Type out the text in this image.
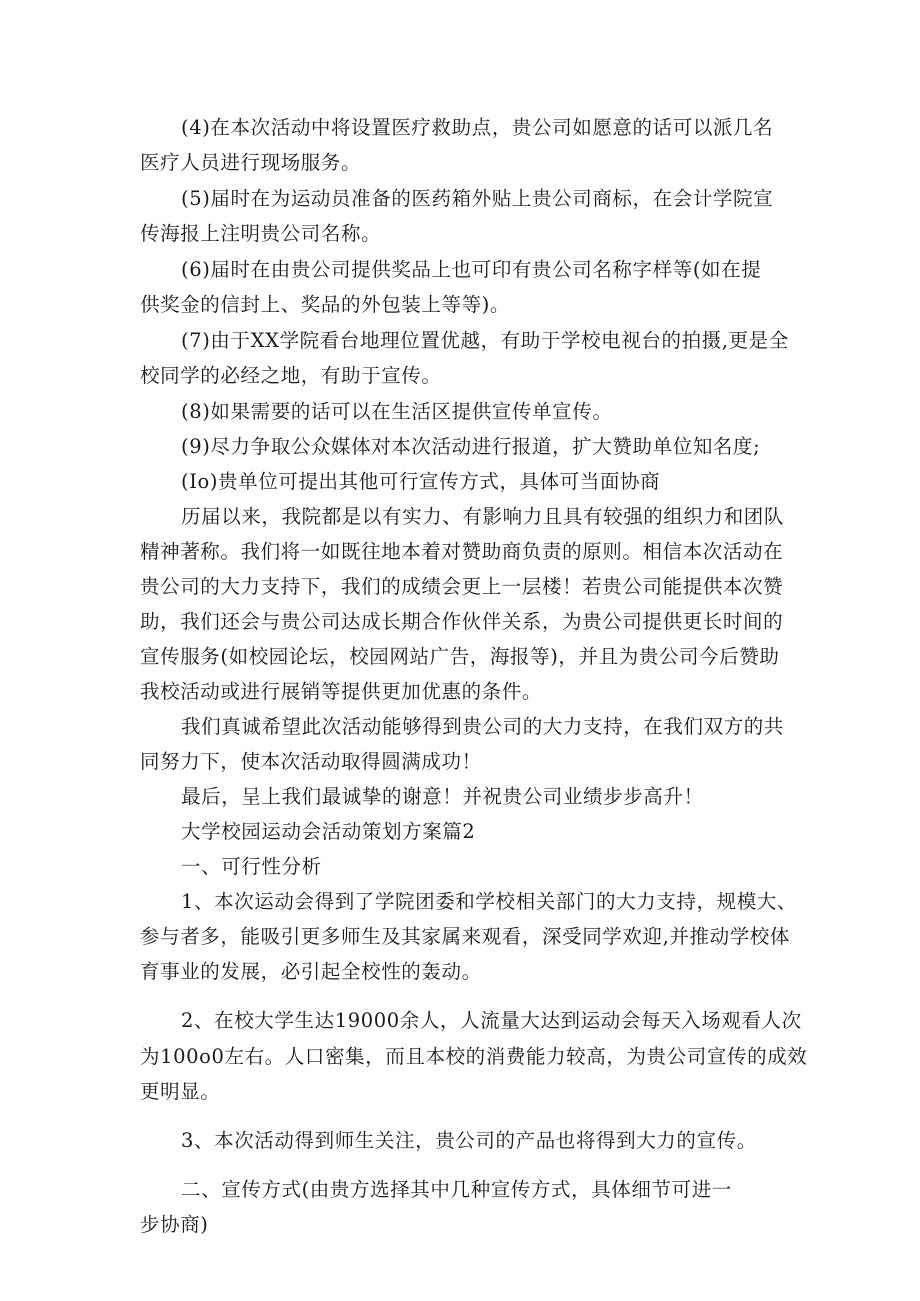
(4)在本次活动中将设置医疗救助点，贵公司如愿意的话可以派几名
医疗人员进行现场服务。
(5)届时在为运动员准备的医药箱外贴上贵公司商标，在会计学院宣
传海报上注明贵公司名称。
(6)届时在由贵公司提供奖品上也可印有贵公司名称字样等(如在提
供奖金的信封上、奖品的外包装上等等)。
(7)由于XX学院看台地理位置优越，有助于学校电视台的拍摄,更是全
校同学的必经之地，有助于宣传。
(8)如果需要的话可以在生活区提供宣传单宣传。
(9)尽力争取公众媒体对本次活动进行报道，扩大赞助单位知名度;
(Io)贵单位可提出其他可行宣传方式，具体可当面协商
历届以来，我院都是以有实力、有影响力且具有较强的组织力和团队
精神著称。我们将一如既往地本着对赞助商负责的原则。相信本次活动在
贵公司的大力支持下，我们的成绩会更上一层楼！若贵公司能提供本次赞
助，我们还会与贵公司达成长期合作伙伴关系，为贵公司提供更长时间的
宣传服务(如校园论坛，校园网站广告，海报等)，并且为贵公司今后赞助
我校活动或进行展销等提供更加优惠的条件。
我们真诚希望此次活动能够得到贵公司的大力支持，在我们双方的共
同努力下，使本次活动取得圆满成功！
最后，呈上我们最诚挚的谢意！并祝贵公司业绩步步高升！
大学校园运动会活动策划方案篇2
一、可行性分析
1、本次运动会得到了学院团委和学校相关部门的大力支持，规模大、
参与者多，能吸引更多师生及其家属来观看，深受同学欢迎,并推动学校体
育事业的发展，必引起全校性的轰动。
2、在校大学生达19000余人，人流量大达到运动会每天入场观看人次
为100o0左右。人口密集，而且本校的消费能力较高，为贵公司宣传的成效
更明显。
3、本次活动得到师生关注，贵公司的产品也将得到大力的宣传。
二、宣传方式(由贵方选择其中几种宣传方式，具体细节可进一
步协商)
